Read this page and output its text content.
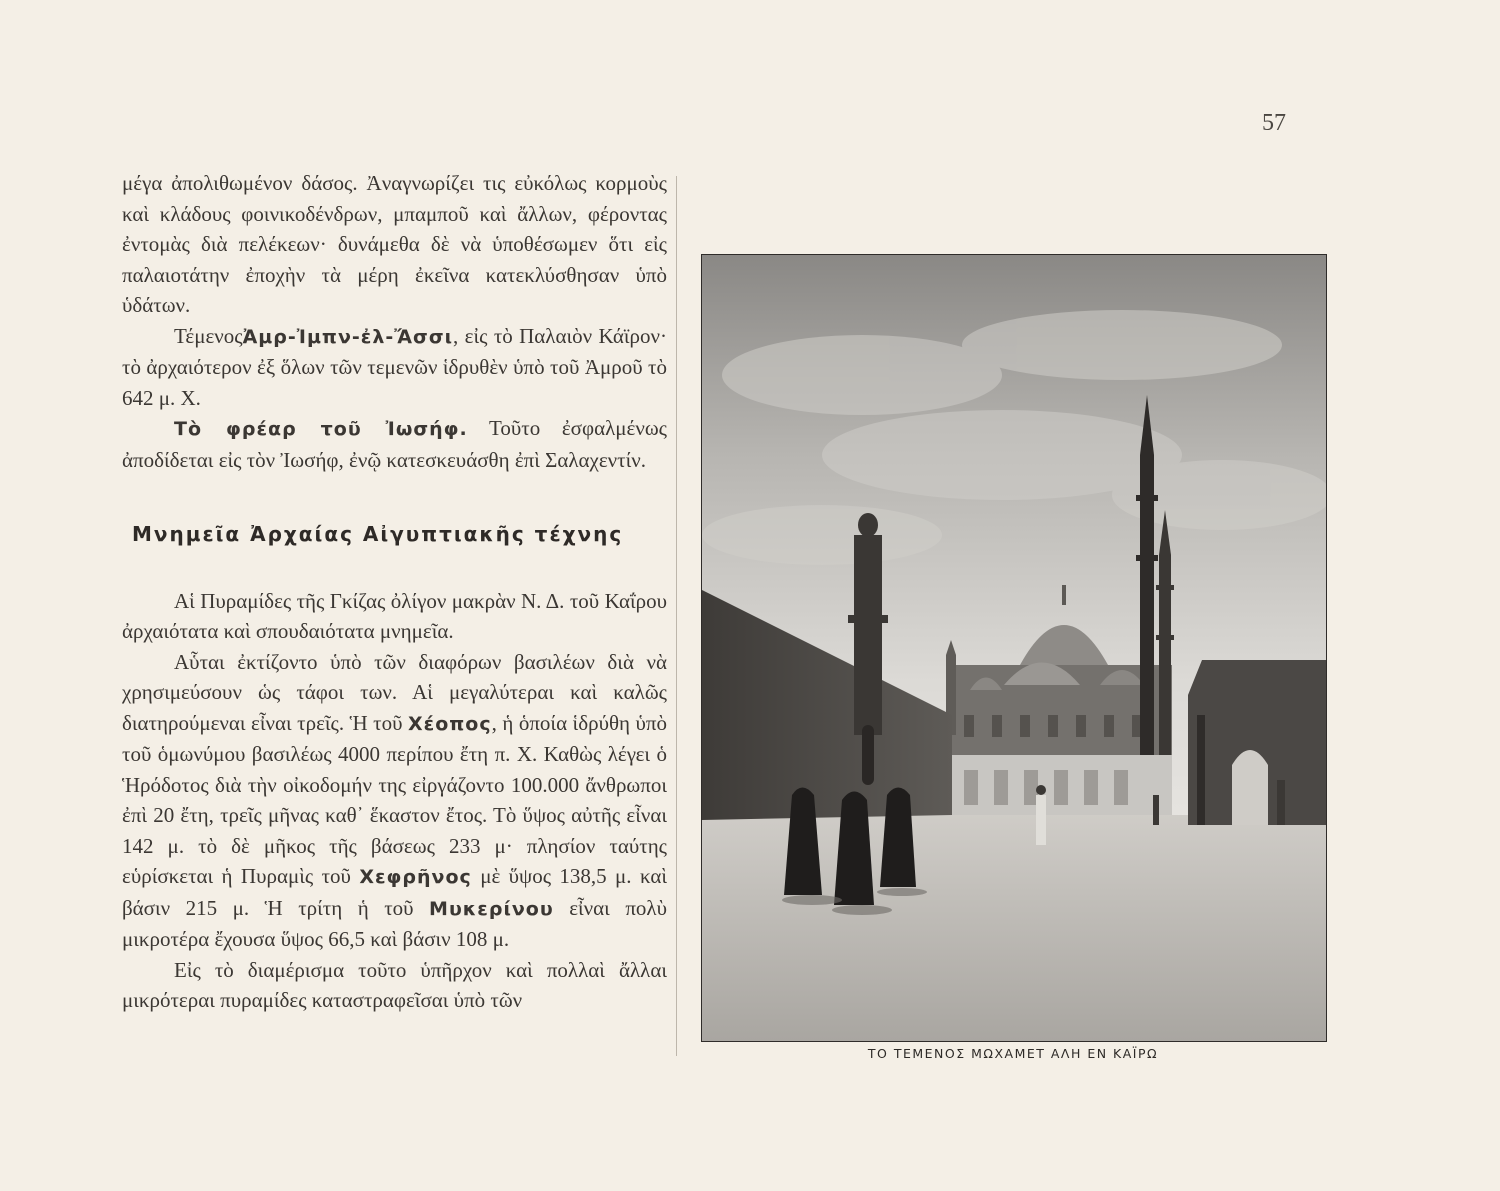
57

μέγα ἀπολιθωμένον δάσος. Ἀναγνωρίζει τις εὐκόλως κορμοὺς καὶ κλάδους φοινικοδένδρων, μπαμποῦ καὶ ἄλλων, φέροντας ἐντομὰς διὰ πελέκεων· δυνάμεθα δὲ νὰ ὑποθέσωμεν ὅτι εἰς παλαιοτάτην ἐποχὴν τὰ μέρη ἐκεῖνα κατεκλύσθησαν ὑπὸ ὑδάτων.

ΤέμενοςἈμρ-Ἰμπν-ἐλ-Ἄσσι, εἰς τὸ Παλαιὸν Κάϊρον· τὸ ἀρχαιότερον ἐξ ὅλων τῶν τεμενῶν ἱδρυθὲν ὑπὸ τοῦ Ἀμροῦ τὸ 642 μ. Χ.

Τὸ φρέαρ τοῦ Ἰωσήφ. Τοῦτο ἐσφαλμένως ἀποδίδεται εἰς τὸν Ἰωσήφ, ἐνῷ κατεσκευάσθη ἐπὶ Σαλαχεντίν.

Μνημεῖα Ἀρχαίας Αἰγυπτιακῆς τέχνης

Αἱ Πυραμίδες τῆς Γκίζας ὀλίγον μακρὰν Ν. Δ. τοῦ Καΐρου ἀρχαιότατα καὶ σπουδαιότατα μνημεῖα.

Αὗται ἐκτίζοντο ὑπὸ τῶν διαφόρων βασιλέων διὰ νὰ χρησιμεύσουν ὡς τάφοι των. Αἱ μεγαλύτεραι καὶ καλῶς διατηρούμεναι εἶναι τρεῖς. Ἡ τοῦ Χέοπος, ἡ ὁποία ἱδρύθη ὑπὸ τοῦ ὁμωνύμου βασιλέως 4000 περίπου ἔτη π. Χ. Καθὼς λέγει ὁ Ἡρόδοτος διὰ τὴν οἰκοδομήν της εἰργάζοντο 100.000 ἄνθρωποι ἐπὶ 20 ἔτη, τρεῖς μῆνας καθ᾽ ἕκαστον ἔτος. Τὸ ὕψος αὐτῆς εἶναι 142 μ. τὸ δὲ μῆκος τῆς βάσεως 233 μ· πλησίον ταύτης εὑρίσκεται ἡ Πυραμὶς τοῦ Χεφρῆνος μὲ ὕψος 138,5 μ. καὶ βάσιν 215 μ. Ἡ τρίτη ἡ τοῦ Μυκερίνου εἶναι πολὺ μικροτέρα ἔχουσα ὕψος 66,5 καὶ βάσιν 108 μ.

Εἰς τὸ διαμέρισμα τοῦτο ὑπῆρχον καὶ πολλαὶ ἄλλαι μικρότεραι πυραμίδες καταστραφεῖσαι ὑπὸ τῶν

ΤΟ ΤΕΜΕΝΟΣ ΜΩΧΑΜΕΤ ΑΛΗ ΕΝ ΚΑΪΡΩ
